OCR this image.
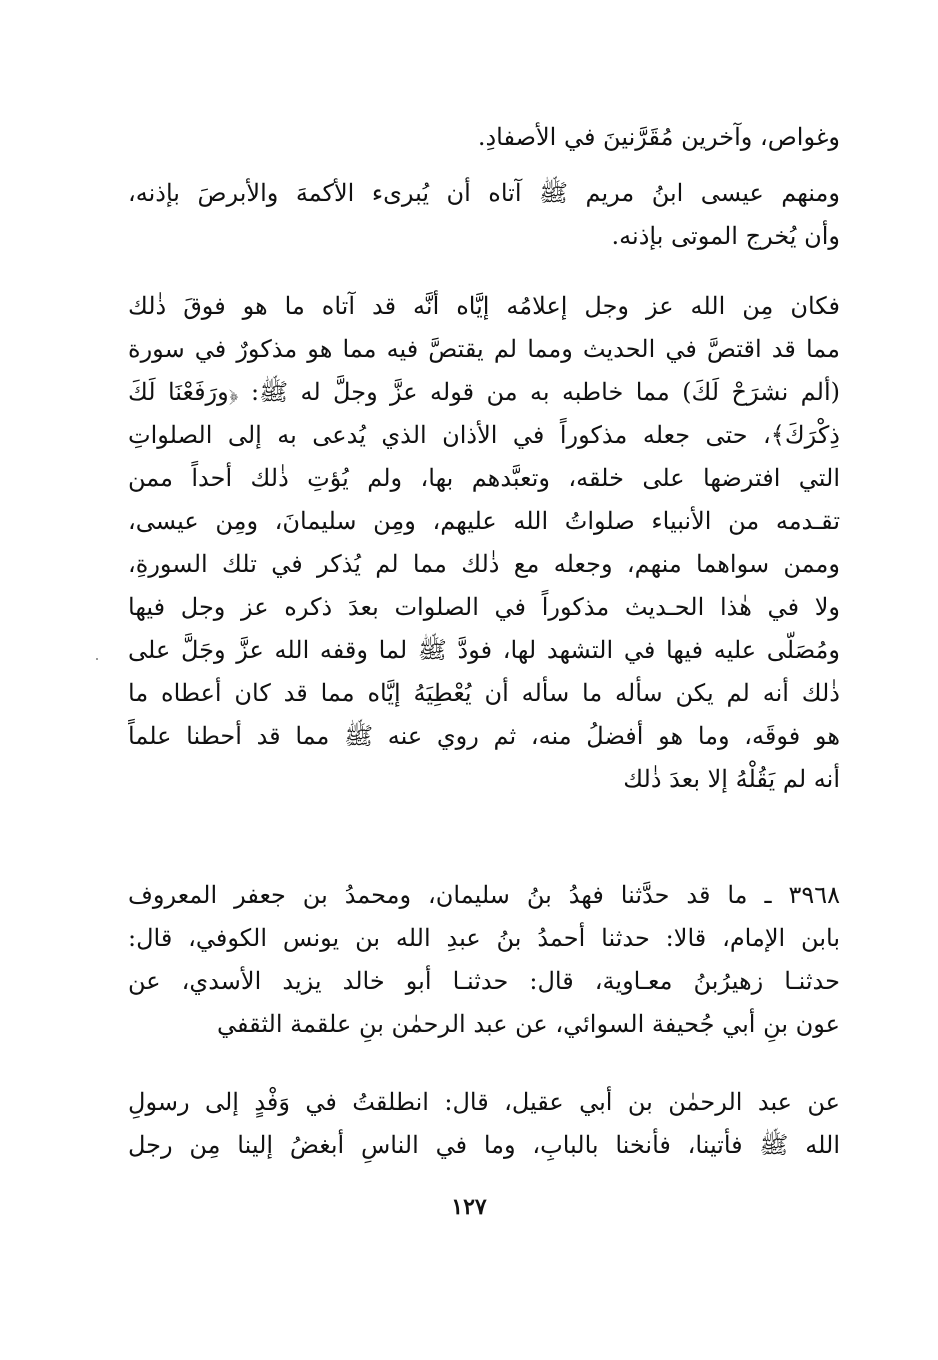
وغواص، وآخرين مُقَرَّنينَ في الأصفادِ.
ومنهم عيسى ابنُ مريم ﷺ آتاه أن يُبرىء الأكمهَ والأبرصَ بإذنه،
وأن يُخرج الموتى بإذنه.
فكان مِن الله عز وجل إعلامُه إيَّاه أنَّه قد آتاه ما هو فوقَ ذٰلك
مما قد اقتصَّ في الحديث ومما لم يقتصَّ فيه مما هو مذكورٌ في سورة
(ألم نشرَحْ لَكَ) مما خاطبه به من قوله عزَّ وجلَّ له ﷺ: ﴿ورَفَعْنَا لَكَ
ذِكْرَكَ﴾، حتى جعله مذكوراً في الأذان الذي يُدعى به إلى الصلواتِ
التي افترضها على خلقه، وتعبَّدهم بها، ولم يُؤتِ ذٰلك أحداً ممن
تقـدمه من الأنبياء صلواتُ الله عليهم، ومِن سليمانَ، ومِن عيسى،
وممن سواهما منهم، وجعله مع ذٰلك مما لم يُذكر في تلك السورةِ،
ولا في هٰذا الحـديث مذكوراً في الصلوات بعدَ ذكره عز وجل فيها
ومُصَلّى عليه فيها في التشهد لها، فودَّ ﷺ لما وقفه الله عزَّ وجَلَّ على
ذٰلك أنه لم يكن سأله ما سأله أن يُعْطِيَهُ إيَّاه مما قد كان أعطاه ما
هو فوقَه، وما هو أفضلُ منه، ثم روي عنه ﷺ مما قد أحطنا علماً
أنه لم يَقُلْهُ إلا بعدَ ذٰلك
٣٩٦٨ ـ ما قد حدَّثنا فهدُ بنُ سليمان، ومحمدُ بن جعفر المعروف
بابن الإمام، قالا: حدثنا أحمدُ بنُ عبدِ الله بن يونس الكوفي، قال:
حدثنـا زهيرُبنُ معـاوية، قال: حدثنـا أبو خالد يزيد الأسدي، عن
عون بنِ أبي جُحيفة السوائي، عن عبد الرحمٰن بنِ علقمة الثقفي
عن عبد الرحمٰن بن أبي عقيل، قال: انطلقتُ في وَفْدٍ إلى رسولِ
الله ﷺ فأتينا، فأنخنا بالبابِ، وما في الناسِ أبغضُ إلينا مِن رجل
١٢٧
